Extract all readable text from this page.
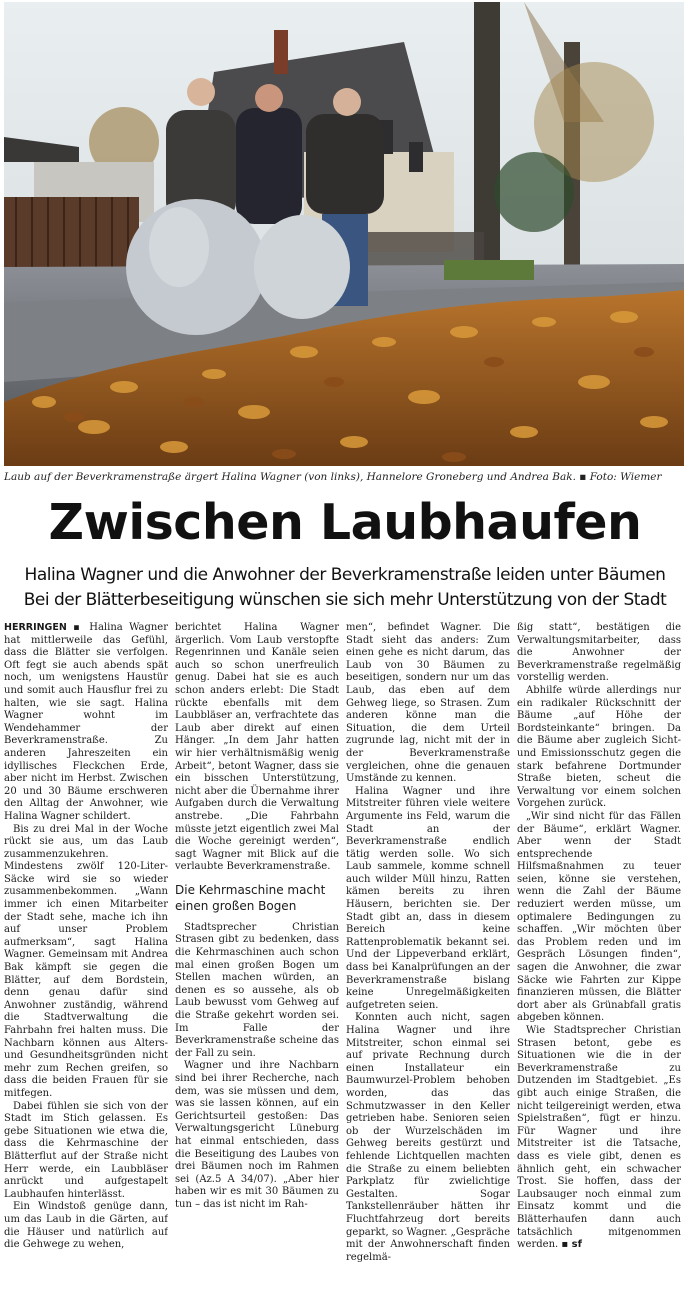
Laub auf der Beverkramenstraße ärgert Halina Wagner (von links), Hannelore Groneberg und Andrea Bak. ▪ Foto: Wiemer
Zwischen Laubhaufen
Halina Wagner und die Anwohner der Beverkramenstraße leiden unter Bäumen
Bei der Blätterbeseitigung wünschen sie sich mehr Unterstützung von der Stadt

HERRINGEN ▪ Halina Wagner hat mittlerweile das Gefühl, dass die Blätter sie verfolgen. Oft fegt sie auch abends spät noch, um wenigstens Haustür und somit auch Hausflur frei zu halten, wie sie sagt. Halina Wagner wohnt im Wendehammer der Beverkramenstraße. Zu anderen Jahreszeiten ein idyllisches Fleckchen Erde, aber nicht im Herbst. Zwischen 20 und 30 Bäume erschweren den Alltag der Anwohner, wie Halina Wagner schildert.

Bis zu drei Mal in der Woche rückt sie aus, um das Laub zusammenzukehren. Mindestens zwölf 120-Liter-Säcke wird sie so wieder zusammenbekommen. „Wann immer ich einen Mitarbeiter der Stadt sehe, mache ich ihn auf unser Problem aufmerksam“, sagt Halina Wagner. Gemeinsam mit Andrea Bak kämpft sie gegen die Blätter, auf dem Bordstein, denn genau dafür sind Anwohner zuständig, während die Stadtverwaltung die Fahrbahn frei halten muss. Die Nachbarn können aus Alters- und Gesundheitsgründen nicht mehr zum Rechen greifen, so dass die beiden Frauen für sie mitfegen.

Dabei fühlen sie sich von der Stadt im Stich gelassen. Es gebe Situationen wie etwa die, dass die Kehrmaschine der Blätterflut auf der Straße nicht Herr werde, ein Laubbläser anrückt und aufgestapelt Laubhaufen hinterlässt.

Ein Windstoß genüge dann, um das Laub in die Gärten, auf die Häuser und natürlich auf die Gehwege zu wehen,

berichtet Halina Wagner ärgerlich. Vom Laub verstopfte Regenrinnen und Kanäle seien auch so schon unerfreulich genug. Dabei hat sie es auch schon anders erlebt: Die Stadt rückte ebenfalls mit dem Laubbläser an, verfrachtete das Laub aber direkt auf einen Hänger. „In dem Jahr hatten wir hier verhältnismäßig wenig Arbeit“, betont Wagner, dass sie ein bisschen Unterstützung, nicht aber die Übernahme ihrer Aufgaben durch die Verwaltung anstrebe. „Die Fahrbahn müsste jetzt eigentlich zwei Mal die Woche gereinigt werden“, sagt Wagner mit Blick auf die verlaubte Beverkramenstraße.

Die Kehrmaschine macht einen großen Bogen

Stadtsprecher Christian Strasen gibt zu bedenken, dass die Kehrmaschinen auch schon mal einen großen Bogen um Stellen machen würden, an denen es so aussehe, als ob Laub bewusst vom Gehweg auf die Straße gekehrt worden sei. Im Falle der Beverkramenstraße scheine das der Fall zu sein.

Wagner und ihre Nachbarn sind bei ihrer Recherche, nach dem, was sie müssen und dem, was sie lassen können, auf ein Gerichtsurteil gestoßen: Das Verwaltungsgericht Lüneburg hat einmal entschieden, dass die Beseitigung des Laubes von drei Bäumen noch im Rahmen sei (Az.5 A 34/07). „Aber hier haben wir es mit 30 Bäumen zu tun – das ist nicht im Rah-

men“, befindet Wagner. Die Stadt sieht das anders: Zum einen gehe es nicht darum, das Laub von 30 Bäumen zu beseitigen, sondern nur um das Laub, das eben auf dem Gehweg liege, so Strasen. Zum anderen könne man die Situation, die dem Urteil zugrunde lag, nicht mit der in der Beverkramenstraße vergleichen, ohne die genauen Umstände zu kennen.

Halina Wagner und ihre Mitstreiter führen viele weitere Argumente ins Feld, warum die Stadt an der Beverkramenstraße endlich tätig werden solle. Wo sich Laub sammele, komme schnell auch wilder Müll hinzu, Ratten kämen bereits zu ihren Häusern, berichten sie. Der Stadt gibt an, dass in diesem Bereich keine Rattenproblematik bekannt sei. Und der Lippeverband erklärt, dass bei Kanalprüfungen an der Beverkramenstraße bislang keine Unregelmäßigkeiten aufgetreten seien.

Konnten auch nicht, sagen Halina Wagner und ihre Mitstreiter, schon einmal sei auf private Rechnung durch einen Installateur ein Baumwurzel-Problem behoben worden, das das Schmutzwasser in den Keller getrieben habe. Senioren seien ob der Wurzelschäden im Gehweg bereits gestürzt und fehlende Lichtquellen machten die Straße zu einem beliebten Parkplatz für zwielichtige Gestalten. Sogar Tankstellenräuber hätten ihr Fluchtfahrzeug dort bereits geparkt, so Wagner. „Gespräche mit der Anwohnerschaft finden regelmä-

ßig statt“, bestätigen die Verwaltungsmitarbeiter, dass die Anwohner der Beverkramenstraße regelmäßig vorstellig werden.

Abhilfe würde allerdings nur ein radikaler Rückschnitt der Bäume „auf Höhe der Bordsteinkante“ bringen. Da die Bäume aber zugleich Sicht- und Emissionsschutz gegen die stark befahrene Dortmunder Straße bieten, scheut die Verwaltung vor einem solchen Vorgehen zurück.

„Wir sind nicht für das Fällen der Bäume“, erklärt Wagner. Aber wenn der Stadt entsprechende Hilfsmaßnahmen zu teuer seien, könne sie verstehen, wenn die Zahl der Bäume reduziert werden müsse, um optimalere Bedingungen zu schaffen. „Wir möchten über das Problem reden und im Gespräch Lösungen finden“, sagen die Anwohner, die zwar Säcke wie Fahrten zur Kippe finanzieren müssen, die Blätter dort aber als Grünabfall gratis abgeben können.

Wie Stadtsprecher Christian Strasen betont, gebe es Situationen wie die in der Beverkramenstraße zu Dutzenden im Stadtgebiet. „Es gibt auch einige Straßen, die nicht teilgereinigt werden, etwa Spielstraßen“, fügt er hinzu. Für Wagner und ihre Mitstreiter ist die Tatsache, dass es viele gibt, denen es ähnlich geht, ein schwacher Trost. Sie hoffen, dass der Laubsauger noch einmal zum Einsatz kommt und die Blätterhaufen dann auch tatsächlich mitgenommen werden. ▪ sf
